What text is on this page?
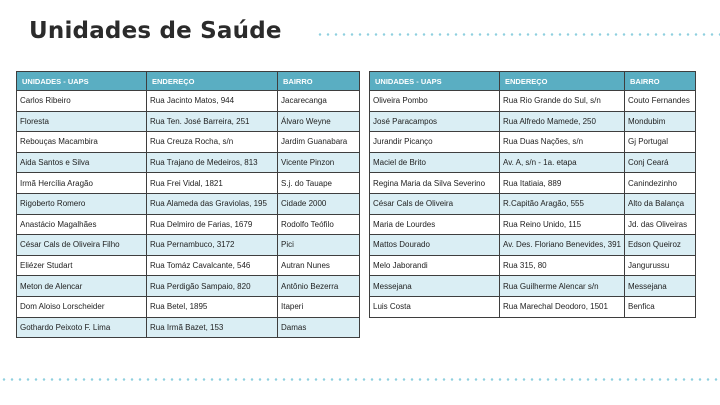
Unidades de Saúde
UNIDADES - UAPS	ENDEREÇO	BAIRRO
Carlos Ribeiro	Rua Jacinto Matos, 944	Jacarecanga
Floresta	Rua Ten. José Barreira, 251	Álvaro Weyne
Rebouças Macambira	Rua Creuza Rocha, s/n	Jardim Guanabara
Aida Santos e Silva	Rua Trajano de Medeiros, 813	Vicente Pinzon
Irmã Hercília Aragão	Rua Frei Vidal, 1821	S.j. do Tauape
Rigoberto Romero	Rua Alameda das Graviolas, 195	Cidade 2000
Anastácio Magalhães	Rua Delmiro de Farias, 1679	Rodolfo Teófilo
César Cals de Oliveira Filho	Rua Pernambuco, 3172	Pici
Eliézer Studart	Rua Tomáz Cavalcante, 546	Autran Nunes
Meton de Alencar	Rua Perdigão Sampaio, 820	Antônio Bezerra
Dom Aloiso Lorscheider	Rua Betel, 1895	Itaperi
Gothardo Peixoto F. Lima	Rua Irmã Bazet, 153	Damas
UNIDADES - UAPS	ENDEREÇO	BAIRRO
Oliveira Pombo	Rua Rio Grande do Sul, s/n	Couto Fernandes
José Paracampos	Rua Alfredo Mamede, 250	Mondubim
Jurandir Picanço	Rua Duas Nações, s/n	Gj Portugal
Maciel de Brito	Av. A, s/n - 1a. etapa	Conj Ceará
Regina Maria da Silva Severino	Rua Itatiaia, 889	Canindezinho
César Cals de Oliveira	R.Capitão Aragão, 555	Alto da Balança
Maria de Lourdes	Rua Reino Unido, 115	Jd. das Oliveiras
Mattos Dourado	Av. Des. Floriano Benevides, 391	Edson Queiroz
Melo Jaborandi	Rua 315, 80	Jangurussu
Messejana	Rua Guilherme Alencar s/n	Messejana
Luis Costa	Rua Marechal Deodoro, 1501	Benfica
